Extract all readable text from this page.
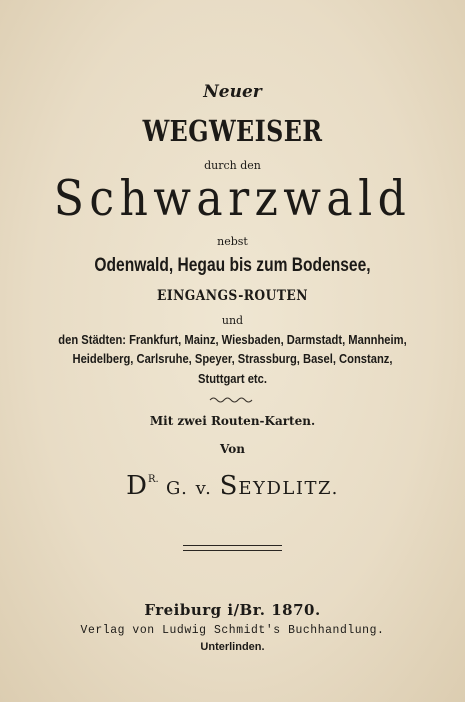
Neuer
WEGWEISER
durch den
Schwarzwald
nebst
Odenwald, Hegau bis zum Bodensee,
EINGANGS-ROUTEN
und
den Städten: Frankfurt, Mainz, Wiesbaden, Darmstadt, Mannheim,
Heidelberg, Carlsruhe, Speyer, Strassburg, Basel, Constanz,
Stuttgart etc.
Mit zwei Routen-Karten.
Von
$D^{R.}$ G. v. SEYDLITZ.
Freiburg i/Br. 1870.
Verlag von Ludwig Schmidt's Buchhandlung.
Unterlinden.
